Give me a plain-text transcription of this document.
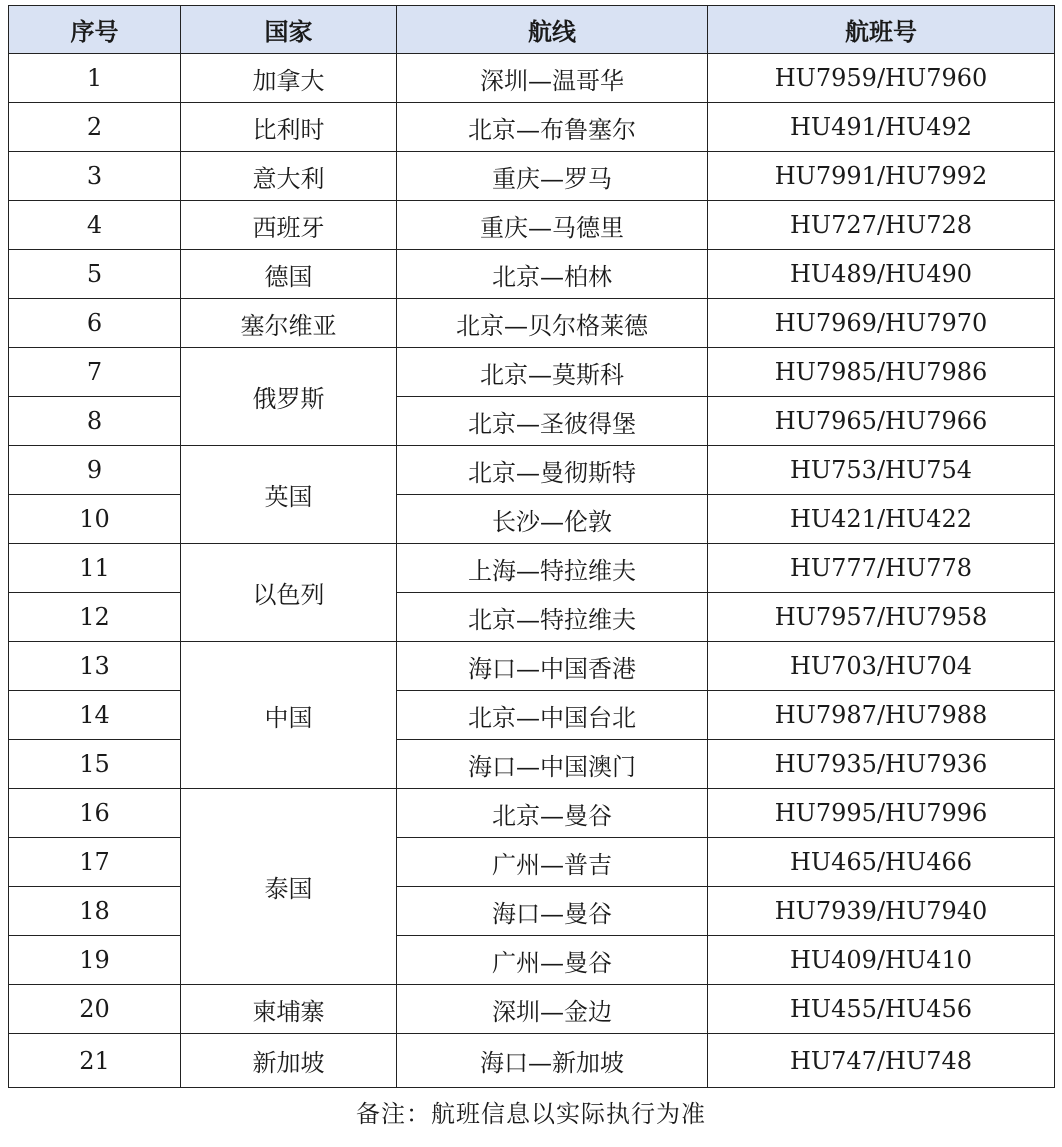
序号	国家	航线	航班号
1	加拿大	深圳—温哥华	HU7959/HU7960
2	比利时	北京—布鲁塞尔	HU491/HU492
3	意大利	重庆—罗马	HU7991/HU7992
4	西班牙	重庆—马德里	HU727/HU728
5	德国	北京—柏林	HU489/HU490
6	塞尔维亚	北京—贝尔格莱德	HU7969/HU7970
7	俄罗斯	北京—莫斯科	HU7985/HU7986
8		北京—圣彼得堡	HU7965/HU7966
9	英国	北京—曼彻斯特	HU753/HU754
10		长沙—伦敦	HU421/HU422
11	以色列	上海—特拉维夫	HU777/HU778
12		北京—特拉维夫	HU7957/HU7958
13	中国	海口—中国香港	HU703/HU704
14		北京—中国台北	HU7987/HU7988
15		海口—中国澳门	HU7935/HU7936
16	泰国	北京—曼谷	HU7995/HU7996
17		广州—普吉	HU465/HU466
18		海口—曼谷	HU7939/HU7940
19		广州—曼谷	HU409/HU410
20	柬埔寨	深圳—金边	HU455/HU456
21	新加坡	海口—新加坡	HU747/HU748
备注：航班信息以实际执行为准
